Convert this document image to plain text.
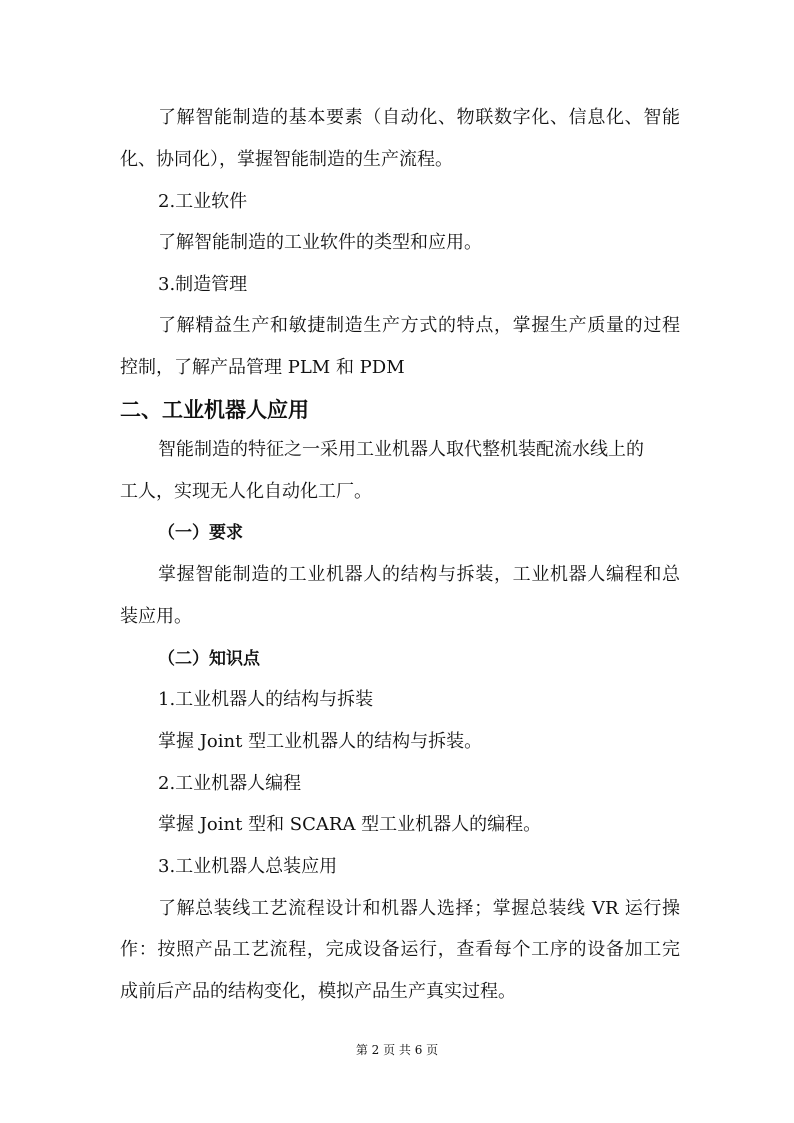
了解智能制造的基本要素（自动化、物联数字化、信息化、智能
化、协同化），掌握智能制造的生产流程。
2.工业软件
了解智能制造的工业软件的类型和应用。
3.制造管理
了解精益生产和敏捷制造生产方式的特点，掌握生产质量的过程
控制，了解产品管理 PLM 和 PDM
二、工业机器人应用
智能制造的特征之一采用工业机器人取代整机装配流水线上的
工人，实现无人化自动化工厂。
（一）要求
掌握智能制造的工业机器人的结构与拆装，工业机器人编程和总
装应用。
（二）知识点
1.工业机器人的结构与拆装
掌握 Joint 型工业机器人的结构与拆装。
2.工业机器人编程
掌握 Joint 型和 SCARA 型工业机器人的编程。
3.工业机器人总装应用
了解总装线工艺流程设计和机器人选择；掌握总装线 VR 运行操
作：按照产品工艺流程，完成设备运行，查看每个工序的设备加工完
成前后产品的结构变化，模拟产品生产真实过程。
第 2 页 共 6 页
